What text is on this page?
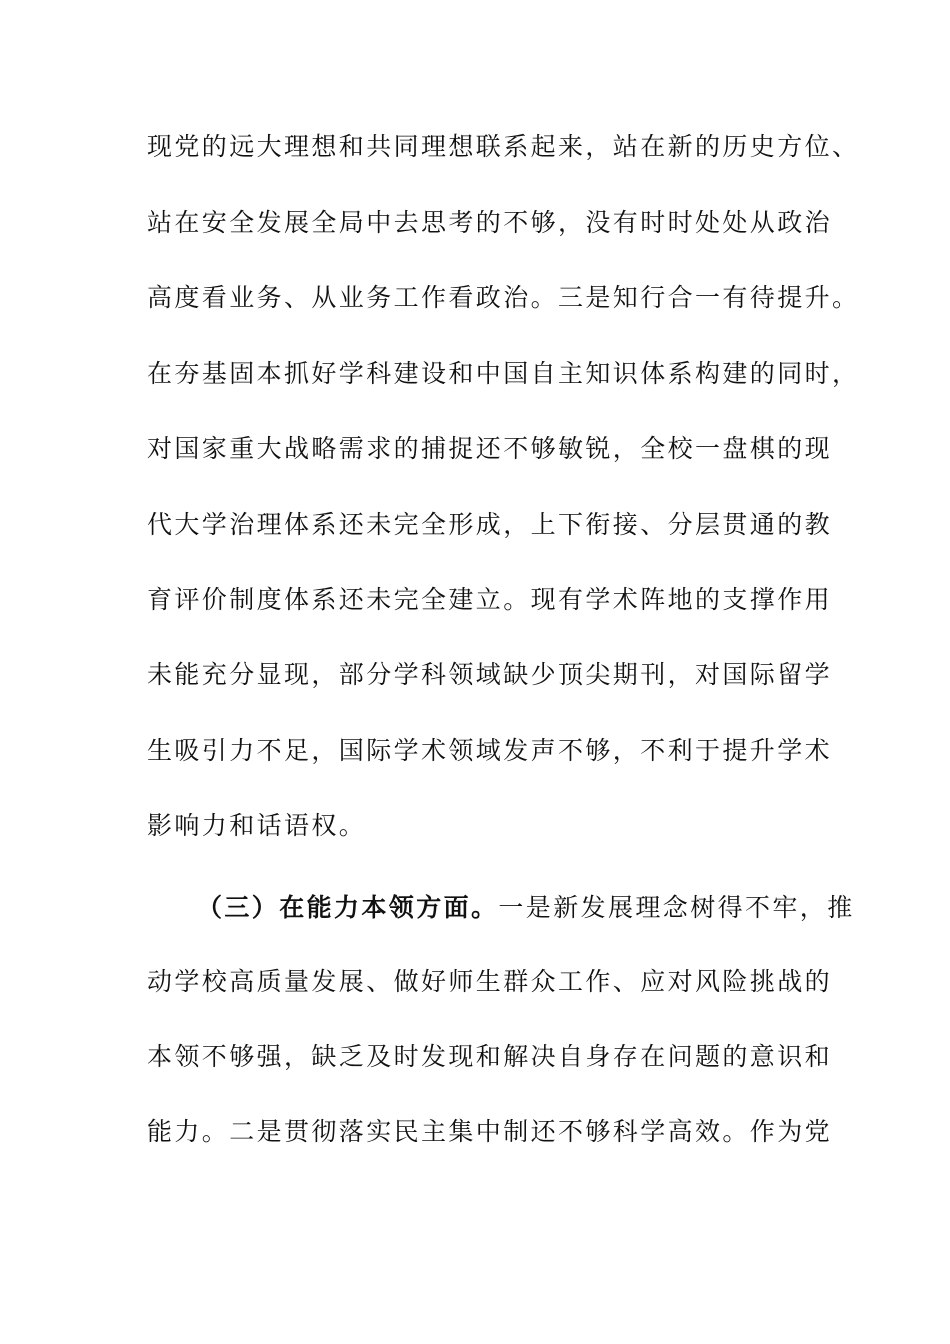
现党的远大理想和共同理想联系起来，站在新的历史方位、
站在安全发展全局中去思考的不够，没有时时处处从政治
高度看业务、从业务工作看政治。三是知行合一有待提升。
在夯基固本抓好学科建设和中国自主知识体系构建的同时，
对国家重大战略需求的捕捉还不够敏锐，全校一盘棋的现
代大学治理体系还未完全形成，上下衔接、分层贯通的教
育评价制度体系还未完全建立。现有学术阵地的支撑作用
未能充分显现，部分学科领域缺少顶尖期刊，对国际留学
生吸引力不足，国际学术领域发声不够，不利于提升学术
影响力和话语权。
（三）在能力本领方面。一是新发展理念树得不牢，推
动学校高质量发展、做好师生群众工作、应对风险挑战的
本领不够强，缺乏及时发现和解决自身存在问题的意识和
能力。二是贯彻落实民主集中制还不够科学高效。作为党
